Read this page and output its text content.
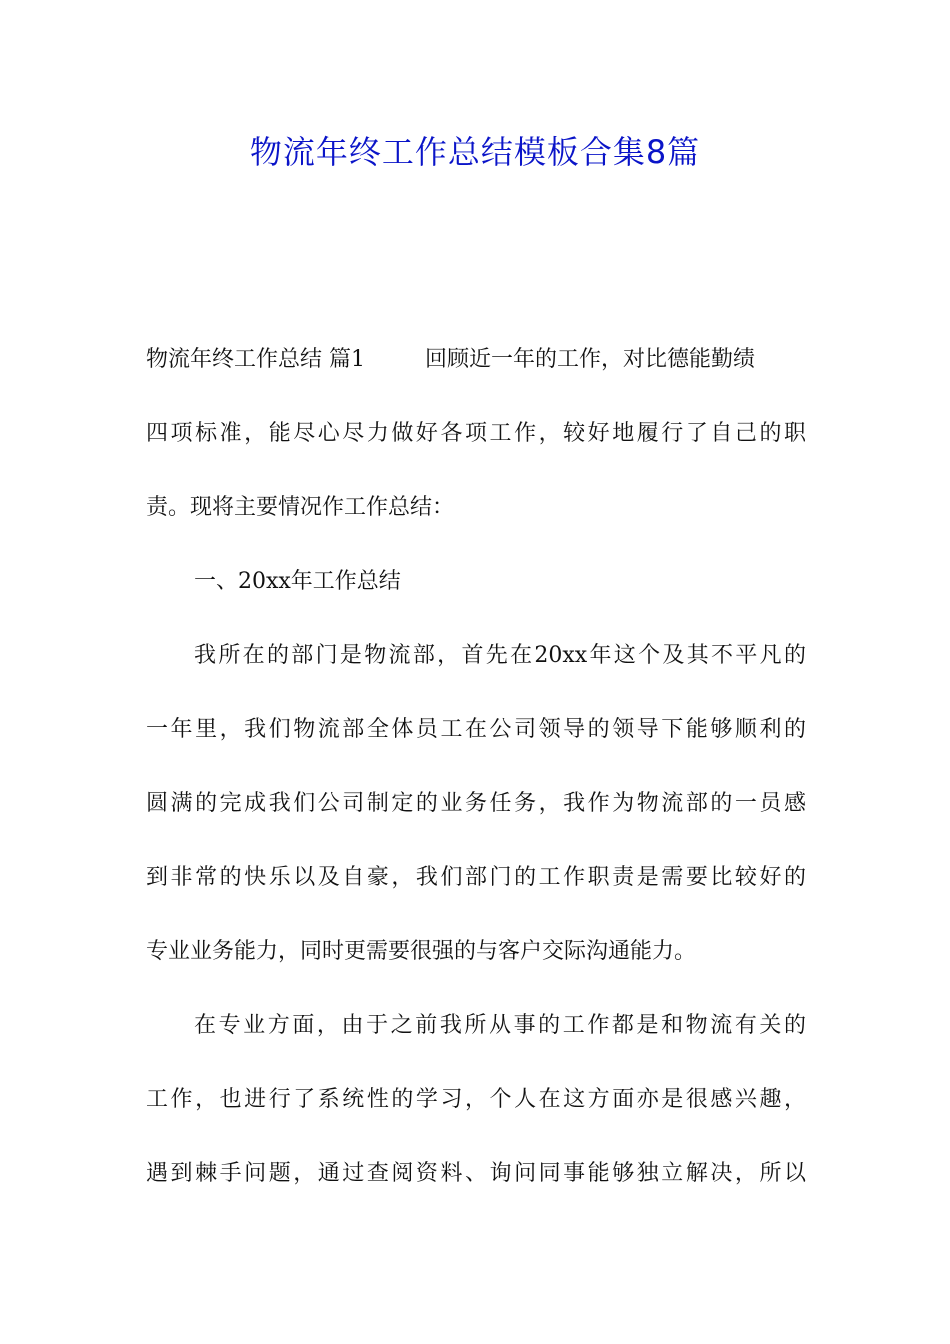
物流年终工作总结模板合集8篇
物流年终工作总结 篇1	回顾近一年的工作，对比德能勤绩
四项标准，能尽心尽力做好各项工作，较好地履行了自己的职
责。现将主要情况作工作总结：
一、20xx年工作总结
我所在的部门是物流部，首先在20xx年这个及其不平凡的
一年里，我们物流部全体员工在公司领导的领导下能够顺利的
圆满的完成我们公司制定的业务任务，我作为物流部的一员感
到非常的快乐以及自豪，我们部门的工作职责是需要比较好的
专业业务能力，同时更需要很强的与客户交际沟通能力。
在专业方面，由于之前我所从事的工作都是和物流有关的
工作，也进行了系统性的学习，个人在这方面亦是很感兴趣，
遇到棘手问题，通过查阅资料、询问同事能够独立解决，所以
